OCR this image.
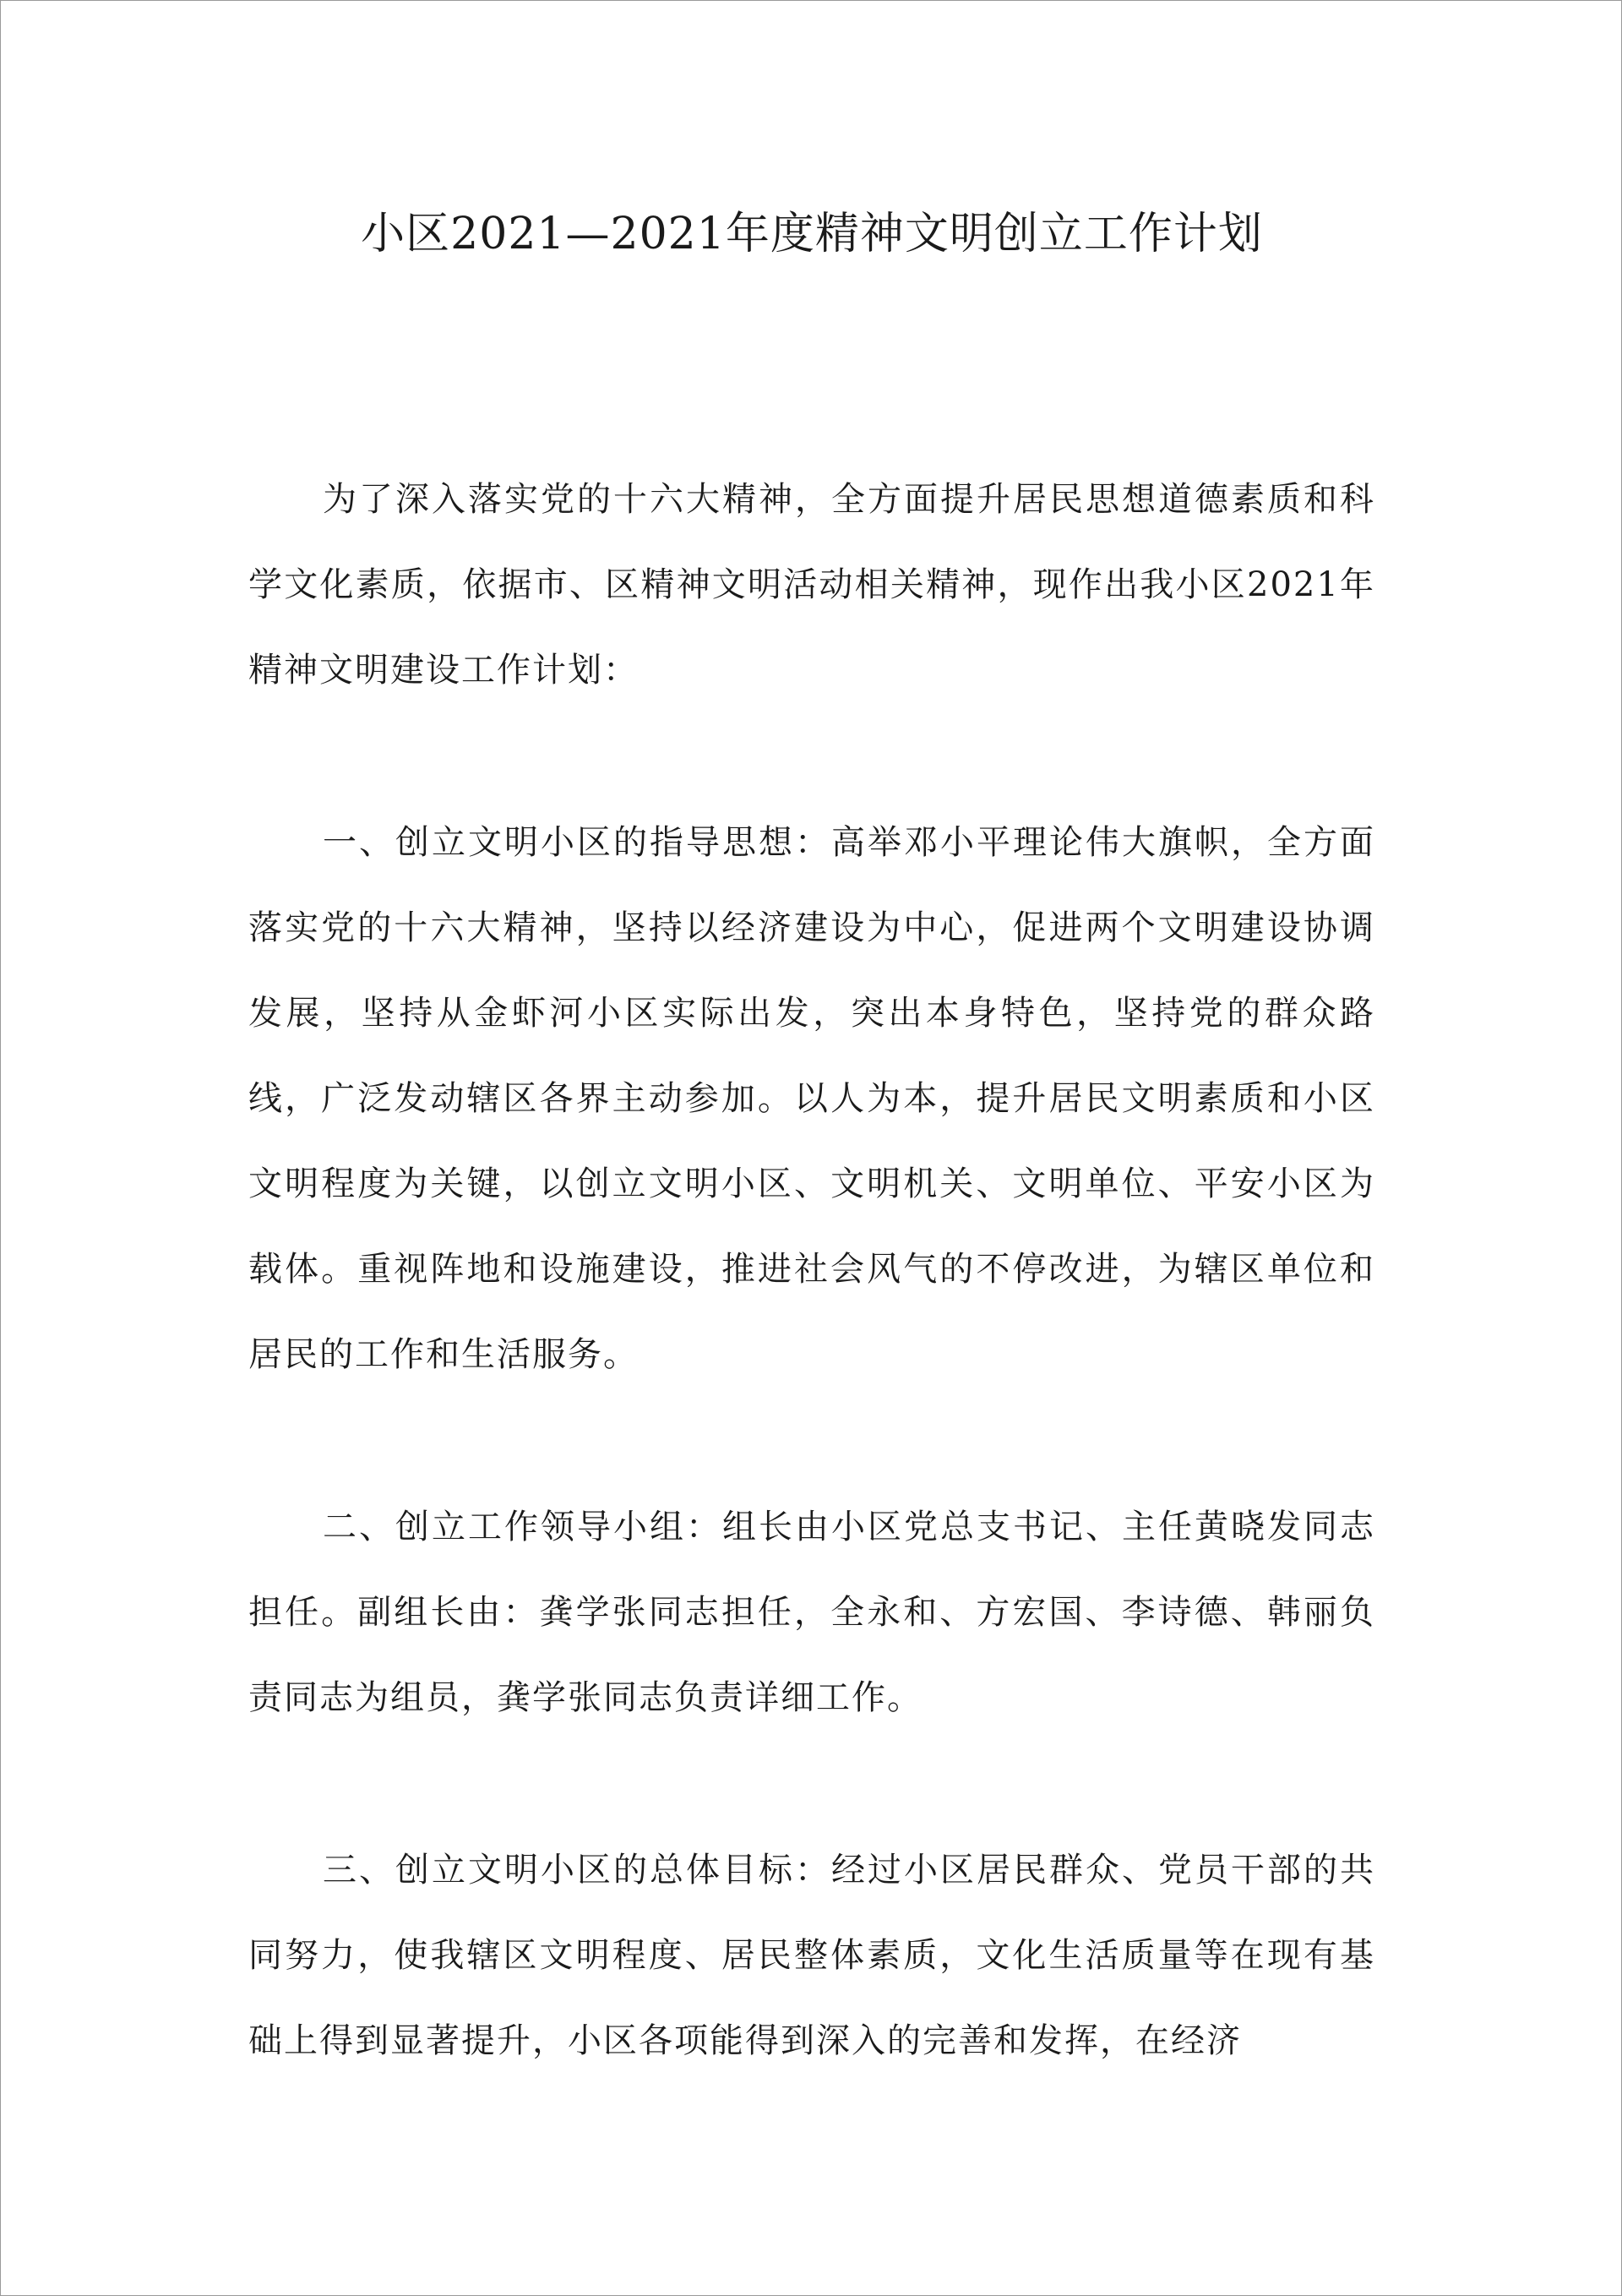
小区2021—2021年度精神文明创立工作计划

为了深入落实党的十六大精神，全方面提升居民思想道德素质和科学文化素质，依据市、区精神文明活动相关精神，现作出我小区2021年精神文明建设工作计划：

一、创立文明小区的指导思想：高举邓小平理论伟大旗帜，全方面落实党的十六大精神，坚持以经济建设为中心，促进两个文明建设协调发展，坚持从金虾河小区实际出发，突出本身特色，坚持党的群众路线，广泛发动辖区各界主动参加。以人为本，提升居民文明素质和小区文明程度为关键，以创立文明小区、文明机关、文明单位、平安小区为载体。重视阵地和设施建设，推进社会风气的不停改进，为辖区单位和居民的工作和生活服务。

二、创立工作领导小组：组长由小区党总支书记、主任黄晓发同志担任。副组长由：龚学张同志担任，全永和、方宏国、李诗德、韩丽负责同志为组员，龚学张同志负责详细工作。

三、创立文明小区的总体目标：经过小区居民群众、党员干部的共同努力，使我辖区文明程度、居民整体素质，文化生活质量等在现有基础上得到显著提升，小区各项能得到深入的完善和发挥，在经济
